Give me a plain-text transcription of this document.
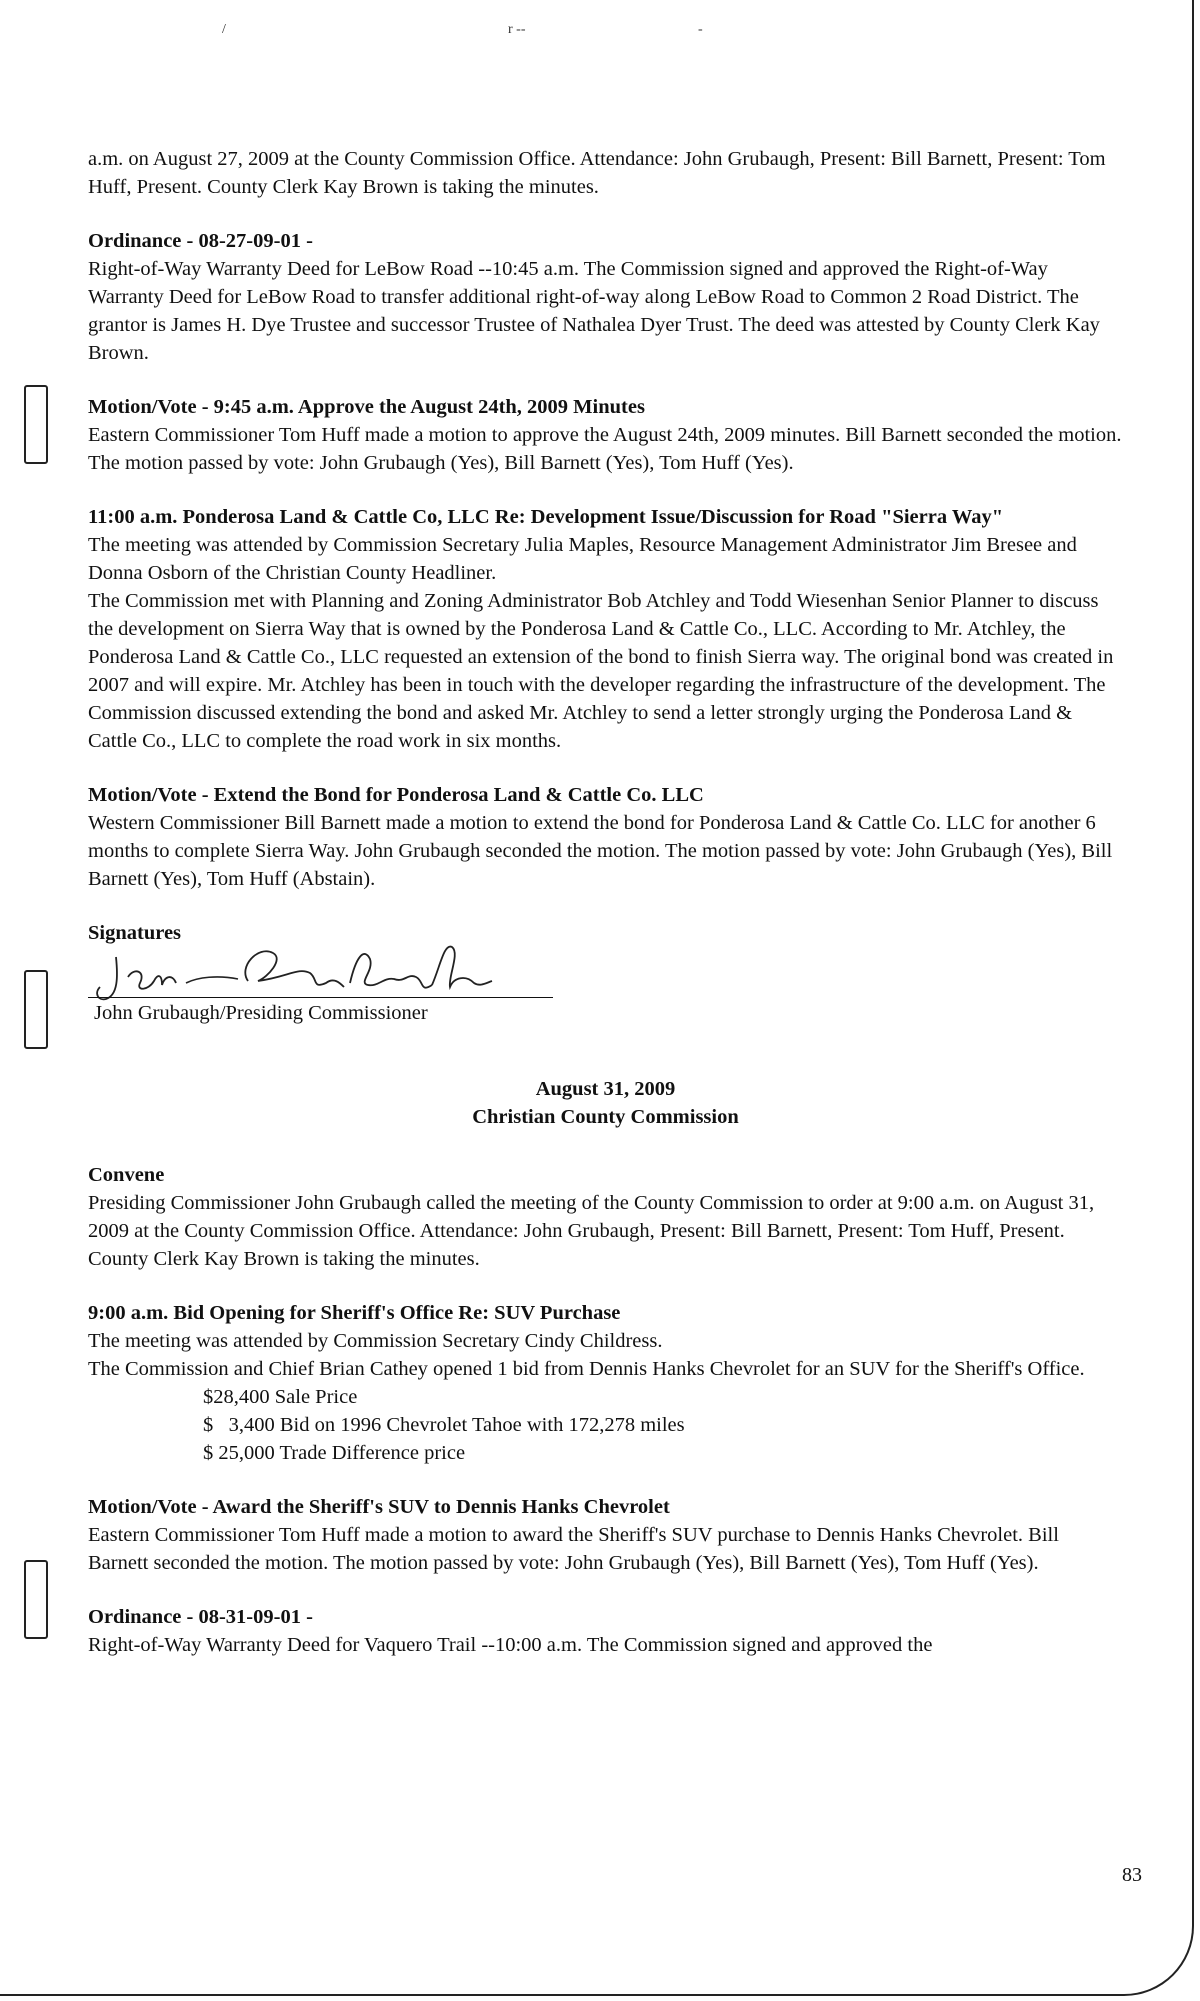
/	r --	-

a.m. on August 27, 2009 at the County Commission Office. Attendance: John Grubaugh, Present: Bill Barnett, Present: Tom Huff, Present. County Clerk Kay Brown is taking the minutes.

Ordinance - 08-27-09-01 -

Right-of-Way Warranty Deed for LeBow Road --10:45 a.m. The Commission signed and approved the Right-of-Way Warranty Deed for LeBow Road to transfer additional right-of-way along LeBow Road to Common 2 Road District. The grantor is James H. Dye Trustee and successor Trustee of Nathalea Dyer Trust. The deed was attested by County Clerk Kay Brown.

Motion/Vote - 9:45 a.m. Approve the August 24th, 2009 Minutes

Eastern Commissioner Tom Huff made a motion to approve the August 24th, 2009 minutes. Bill Barnett seconded the motion. The motion passed by vote: John Grubaugh (Yes), Bill Barnett (Yes), Tom Huff (Yes).

11:00 a.m. Ponderosa Land & Cattle Co, LLC Re: Development Issue/Discussion for Road "Sierra Way"

The meeting was attended by Commission Secretary Julia Maples, Resource Management Administrator Jim Bresee and Donna Osborn of the Christian County Headliner.

The Commission met with Planning and Zoning Administrator Bob Atchley and Todd Wiesenhan Senior Planner to discuss the development on Sierra Way that is owned by the Ponderosa Land & Cattle Co., LLC. According to Mr. Atchley, the Ponderosa Land & Cattle Co., LLC requested an extension of the bond to finish Sierra way. The original bond was created in 2007 and will expire. Mr. Atchley has been in touch with the developer regarding the infrastructure of the development. The Commission discussed extending the bond and asked Mr. Atchley to send a letter strongly urging the Ponderosa Land & Cattle Co., LLC to complete the road work in six months.

Motion/Vote - Extend the Bond for Ponderosa Land & Cattle Co. LLC

Western Commissioner Bill Barnett made a motion to extend the bond for Ponderosa Land & Cattle Co. LLC for another 6 months to complete Sierra Way. John Grubaugh seconded the motion. The motion passed by vote: John Grubaugh (Yes), Bill Barnett (Yes), Tom Huff (Abstain).

Signatures

John Grubaugh/Presiding Commissioner

August 31, 2009

Christian County Commission

Convene

Presiding Commissioner John Grubaugh called the meeting of the County Commission to order at 9:00 a.m. on August 31, 2009 at the County Commission Office. Attendance: John Grubaugh, Present: Bill Barnett, Present: Tom Huff, Present. County Clerk Kay Brown is taking the minutes.

9:00 a.m. Bid Opening for Sheriff's Office Re: SUV Purchase

The meeting was attended by Commission Secretary Cindy Childress.

The Commission and Chief Brian Cathey opened 1 bid from Dennis Hanks Chevrolet for an SUV for the Sheriff's Office.

$28,400 Sale Price
$   3,400 Bid on 1996 Chevrolet Tahoe with 172,278 miles
$ 25,000 Trade Difference price

Motion/Vote - Award the Sheriff's SUV to Dennis Hanks Chevrolet

Eastern Commissioner Tom Huff made a motion to award the Sheriff's SUV purchase to Dennis Hanks Chevrolet. Bill Barnett seconded the motion. The motion passed by vote: John Grubaugh (Yes), Bill Barnett (Yes), Tom Huff (Yes).

Ordinance - 08-31-09-01 -

Right-of-Way Warranty Deed for Vaquero Trail --10:00 a.m. The Commission signed and approved the

83
